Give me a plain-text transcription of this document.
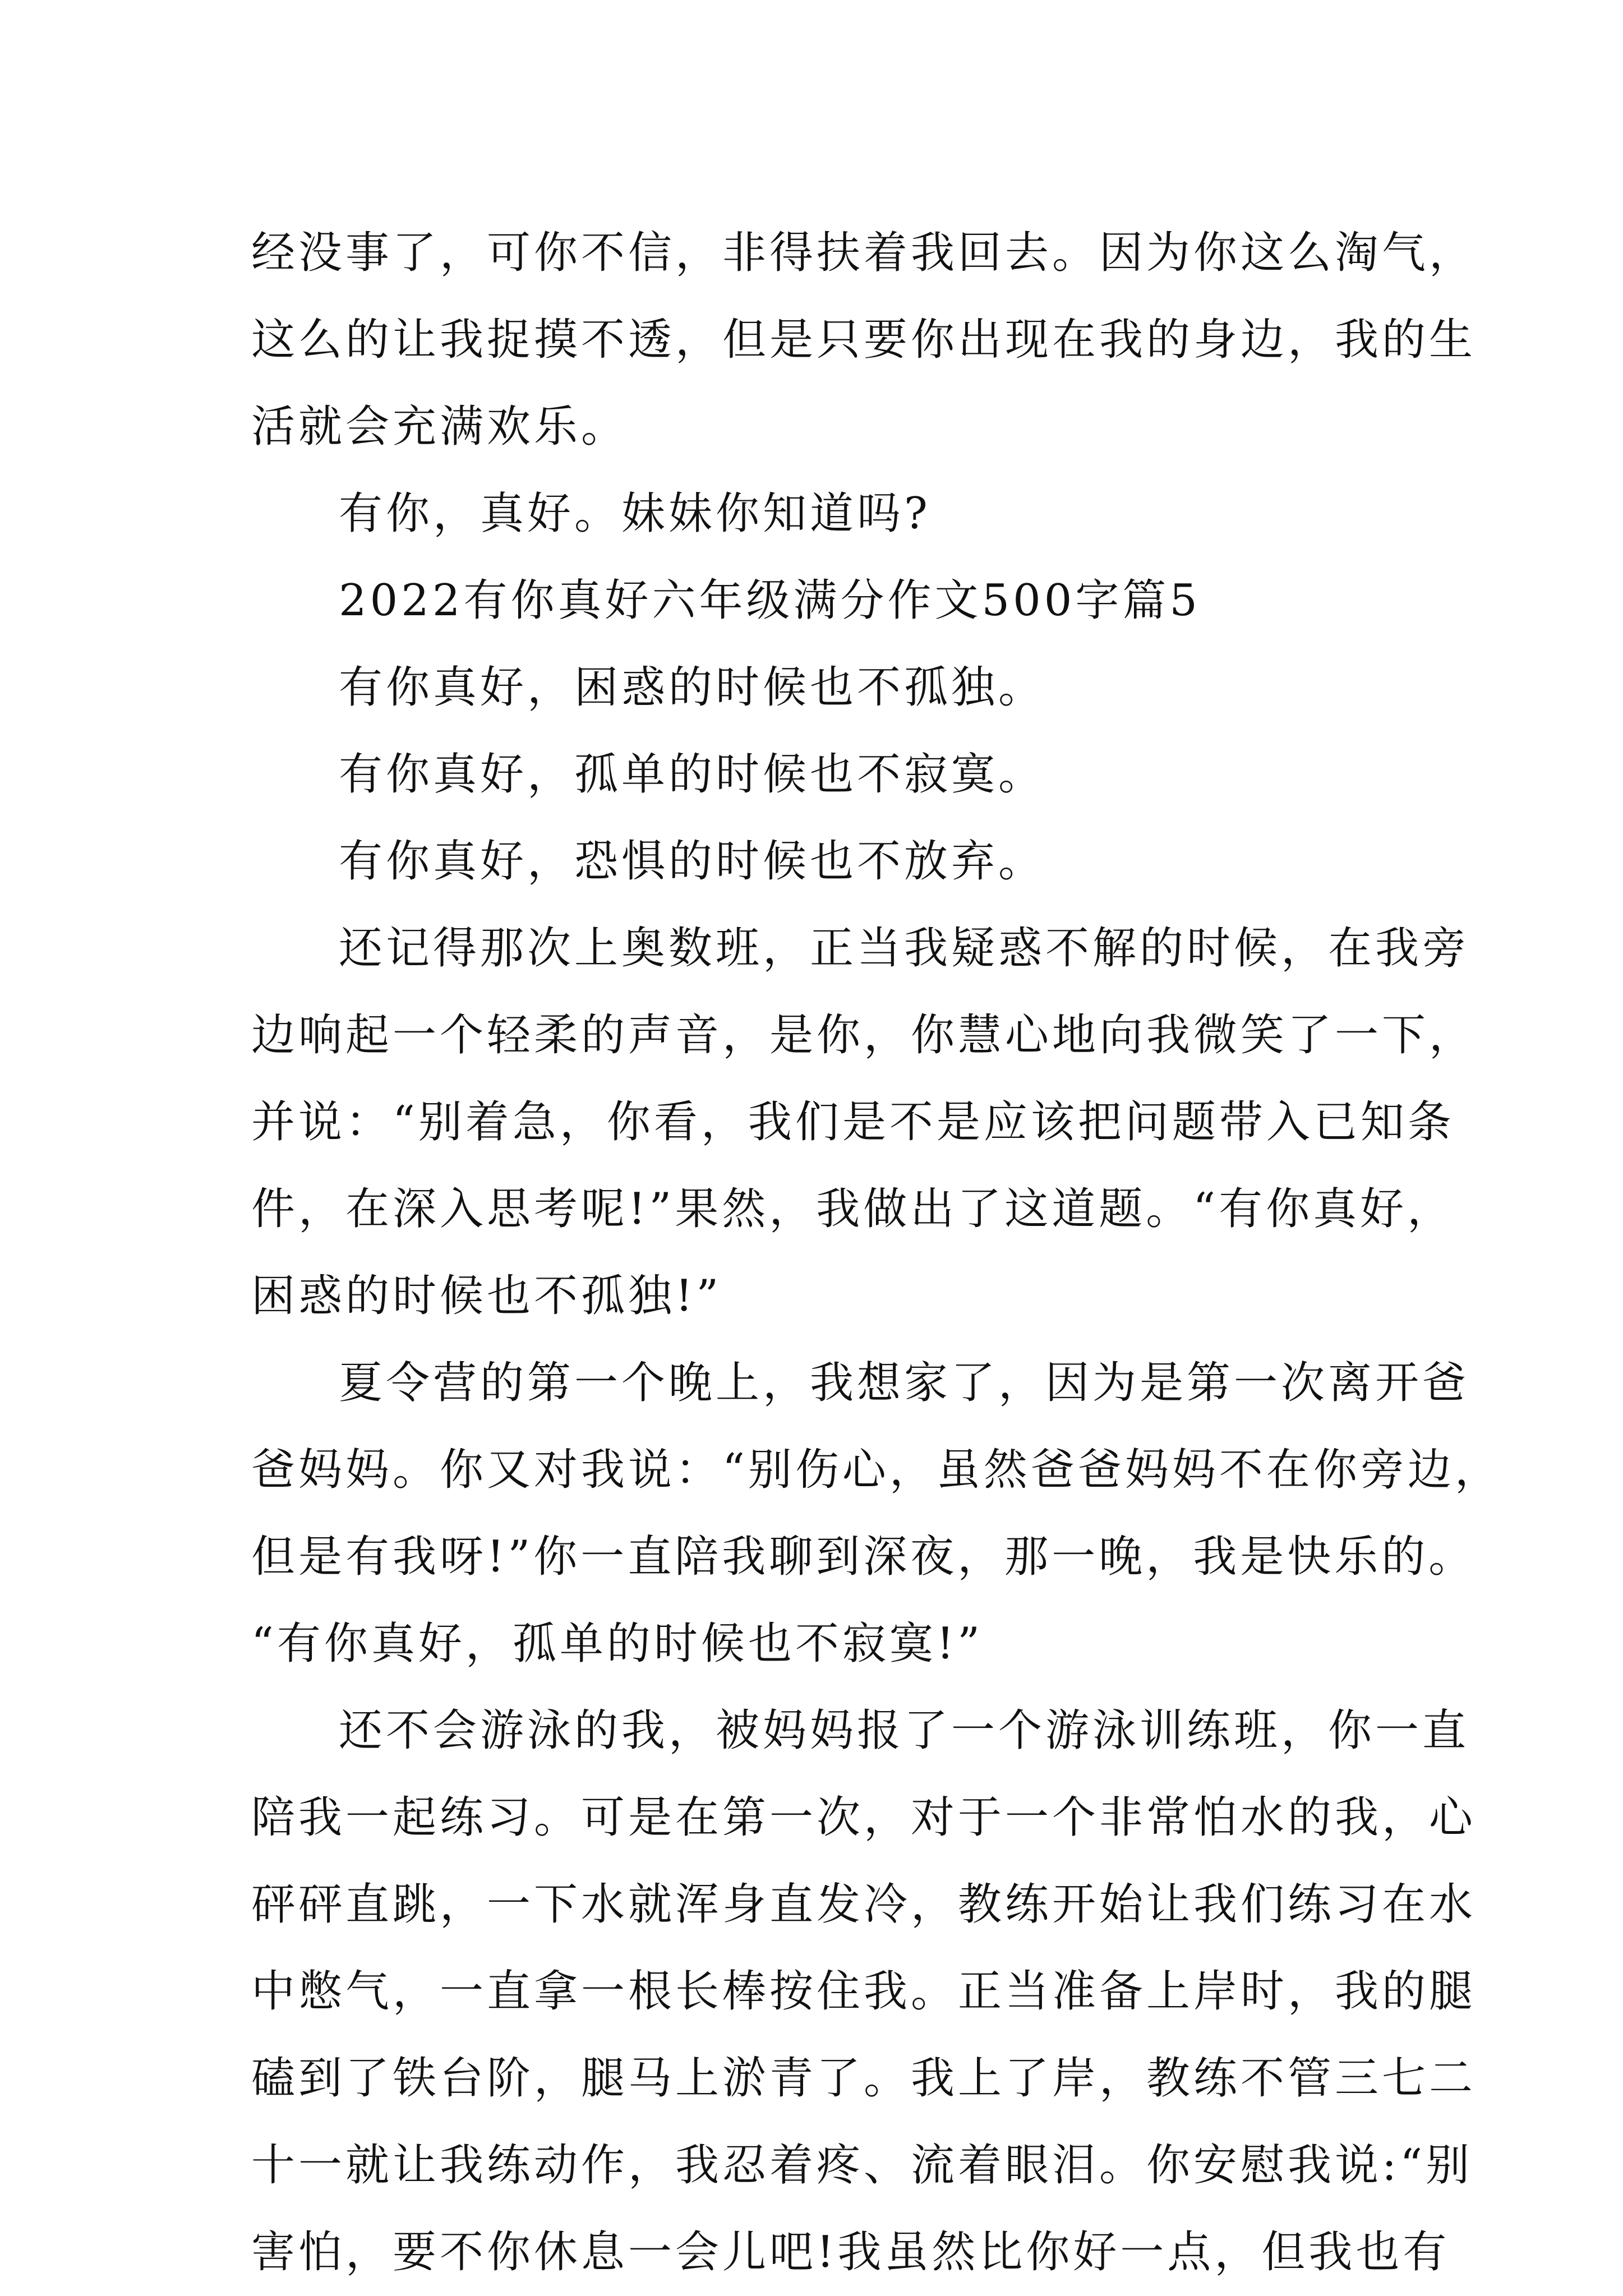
经没事了，可你不信，非得扶着我回去。因为你这么淘气，
这么的让我捉摸不透，但是只要你出现在我的身边，我的生
活就会充满欢乐。
有你，真好。妹妹你知道吗?
2022有你真好六年级满分作文500字篇5
有你真好，困惑的时候也不孤独。
有你真好，孤单的时候也不寂寞。
有你真好，恐惧的时候也不放弃。
还记得那次上奥数班，正当我疑惑不解的时候，在我旁
边响起一个轻柔的声音，是你，你慧心地向我微笑了一下，
并说：“别着急，你看，我们是不是应该把问题带入已知条
件，在深入思考呢!”果然，我做出了这道题。“有你真好，
困惑的时候也不孤独!”
夏令营的第一个晚上，我想家了，因为是第一次离开爸
爸妈妈。你又对我说：“别伤心，虽然爸爸妈妈不在你旁边，
但是有我呀!”你一直陪我聊到深夜，那一晚，我是快乐的。
“有你真好，孤单的时候也不寂寞!”
还不会游泳的我，被妈妈报了一个游泳训练班，你一直
陪我一起练习。可是在第一次，对于一个非常怕水的我，心
砰砰直跳，一下水就浑身直发冷，教练开始让我们练习在水
中憋气，一直拿一根长棒按住我。正当准备上岸时，我的腿
磕到了铁台阶，腿马上淤青了。我上了岸，教练不管三七二
十一就让我练动作，我忍着疼、流着眼泪。你安慰我说:“别
害怕，要不你休息一会儿吧!我虽然比你好一点，但我也有
